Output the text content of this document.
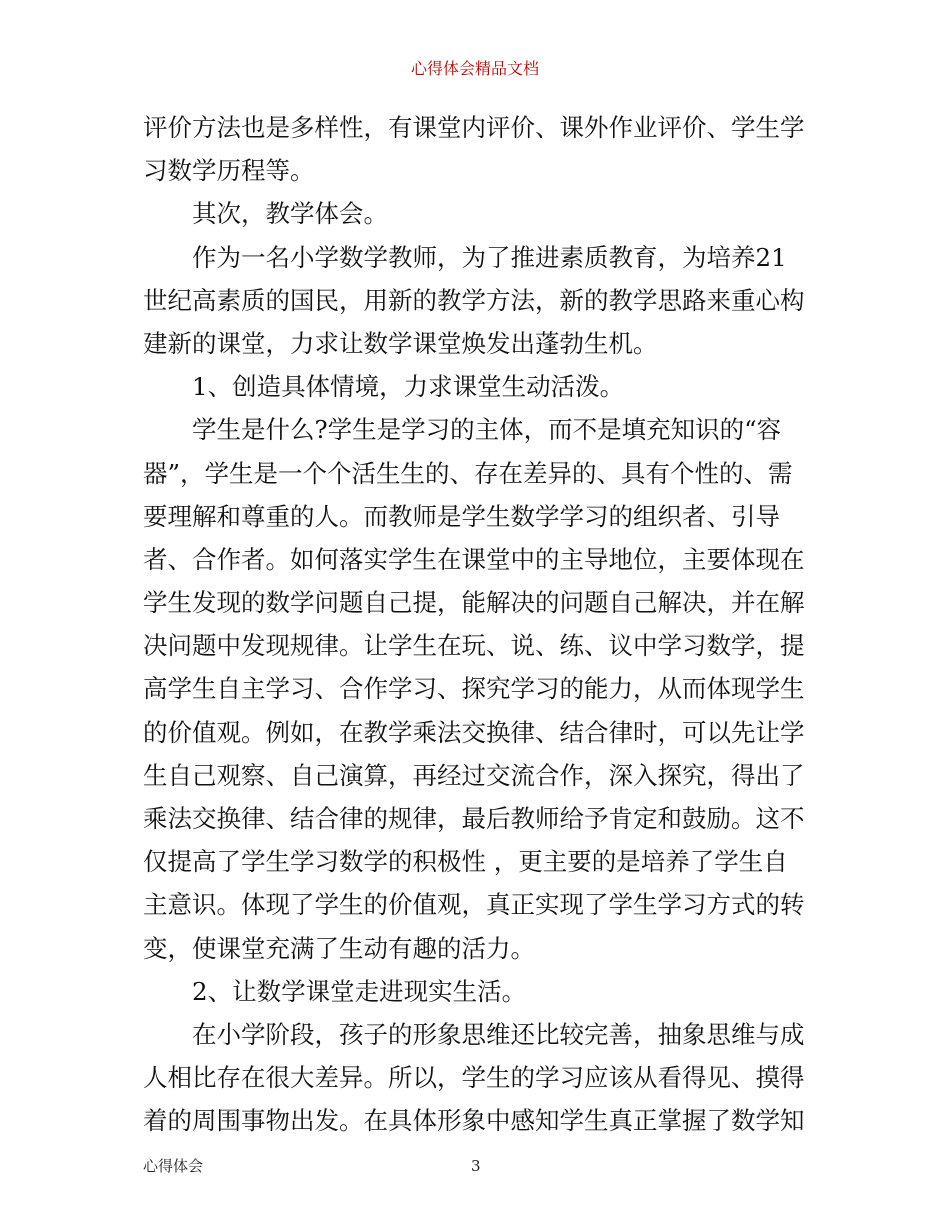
心得体会精品文档
评价方法也是多样性，有课堂内评价、课外作业评价、学生学
习数学历程等。
其次，教学体会。
作为一名小学数学教师，为了推进素质教育，为培养21
世纪高素质的国民，用新的教学方法，新的教学思路来重心构
建新的课堂，力求让数学课堂焕发出蓬勃生机。
1、创造具体情境，力求课堂生动活泼。
学生是什么?学生是学习的主体，而不是填充知识的“容
器”，学生是一个个活生生的、存在差异的、具有个性的、需
要理解和尊重的人。而教师是学生数学学习的组织者、引导
者、合作者。如何落实学生在课堂中的主导地位，主要体现在
学生发现的数学问题自己提，能解决的问题自己解决，并在解
决问题中发现规律。让学生在玩、说、练、议中学习数学，提
高学生自主学习、合作学习、探究学习的能力，从而体现学生
的价值观。例如，在教学乘法交换律、结合律时，可以先让学
生自己观察、自己演算，再经过交流合作，深入探究，得出了
乘法交换律、结合律的规律，最后教师给予肯定和鼓励。这不
仅提高了学生学习数学的积极性 ，更主要的是培养了学生自
主意识。体现了学生的价值观，真正实现了学生学习方式的转
变，使课堂充满了生动有趣的活力。
2、让数学课堂走进现实生活。
在小学阶段，孩子的形象思维还比较完善，抽象思维与成
人相比存在很大差异。所以，学生的学习应该从看得见、摸得
着的周围事物出发。在具体形象中感知学生真正掌握了数学知
心得体会	3
